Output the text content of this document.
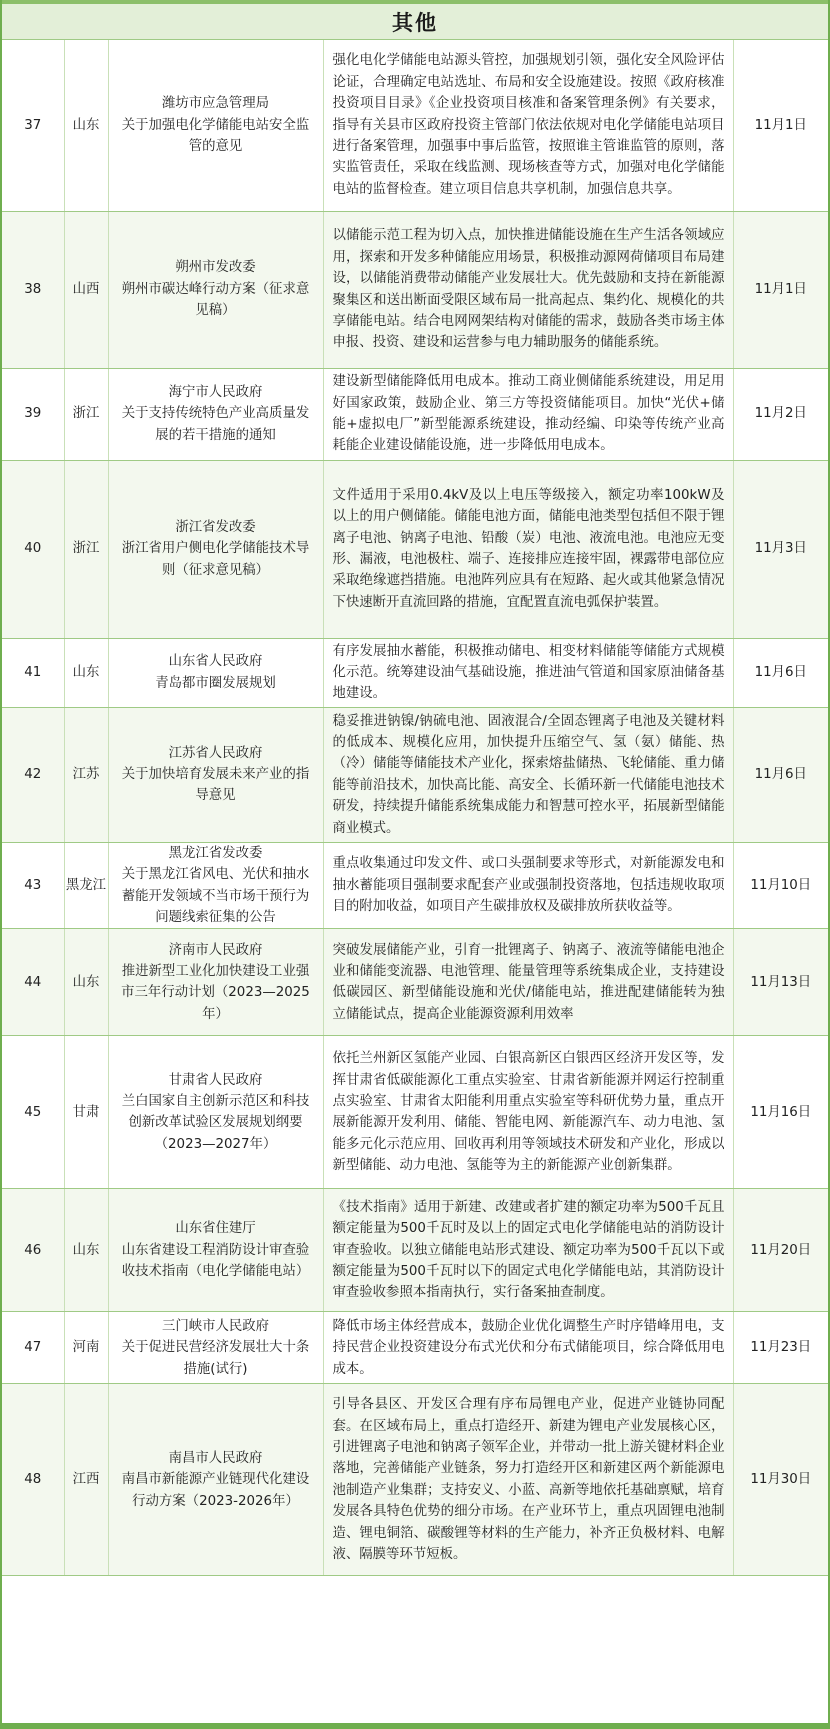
其他
37	山东	潍坊市应急管理局
关于加强电化学储能电站安全监管的意见	强化电化学储能电站源头管控，加强规划引领，强化安全风险评估论证，合理确定电站选址、布局和安全设施建设。按照《政府核准投资项目目录》《企业投资项目核准和备案管理条例》有关要求，指导有关县市区政府投资主管部门依法依规对电化学储能电站项目进行备案管理，加强事中事后监管，按照谁主管谁监管的原则，落实监管责任，采取在线监测、现场核查等方式，加强对电化学储能电站的监督检查。建立项目信息共享机制，加强信息共享。	11月1日
38	山西	朔州市发改委
朔州市碳达峰行动方案（征求意见稿）	以储能示范工程为切入点，加快推进储能设施在生产生活各领域应用，探索和开发多种储能应用场景，积极推动源网荷储项目布局建设，以储能消费带动储能产业发展壮大。优先鼓励和支持在新能源聚集区和送出断面受限区域布局一批高起点、集约化、规模化的共享储能电站。结合电网网架结构对储能的需求，鼓励各类市场主体申报、投资、建设和运营参与电力辅助服务的储能系统。	11月1日
39	浙江	海宁市人民政府
关于支持传统特色产业高质量发展的若干措施的通知	建设新型储能降低用电成本。推动工商业侧储能系统建设，用足用好国家政策，鼓励企业、第三方等投资储能项目。加快“光伏+储能+虚拟电厂”新型能源系统建设，推动经编、印染等传统产业高耗能企业建设储能设施，进一步降低用电成本。	11月2日
40	浙江	浙江省发改委
浙江省用户侧电化学储能技术导则（征求意见稿）	文件适用于采用0.4kV及以上电压等级接入，额定功率100kW及以上的用户侧储能。储能电池方面，储能电池类型包括但不限于锂离子电池、钠离子电池、铅酸（炭）电池、液流电池。电池应无变形、漏液，电池极柱、端子、连接排应连接牢固，裸露带电部位应采取绝缘遮挡措施。电池阵列应具有在短路、起火或其他紧急情况下快速断开直流回路的措施，宜配置直流电弧保护装置。	11月3日
41	山东	山东省人民政府
青岛都市圈发展规划	有序发展抽水蓄能，积极推动储电、相变材料储能等储能方式规模化示范。统筹建设油气基础设施，推进油气管道和国家原油储备基地建设。	11月6日
42	江苏	江苏省人民政府
关于加快培育发展未来产业的指导意见	稳妥推进钠镍/钠硫电池、固液混合/全固态锂离子电池及关键材料的低成本、规模化应用，加快提升压缩空气、氢（氨）储能、热（冷）储能等储能技术产业化，探索熔盐储热、飞轮储能、重力储能等前沿技术，加快高比能、高安全、长循环新一代储能电池技术研发，持续提升储能系统集成能力和智慧可控水平，拓展新型储能商业模式。	11月6日
43	黑龙江	黑龙江省发改委
关于黑龙江省风电、光伏和抽水蓄能开发领域不当市场干预行为问题线索征集的公告	重点收集通过印发文件、或口头强制要求等形式，对新能源发电和抽水蓄能项目强制要求配套产业或强制投资落地，包括违规收取项目的附加收益，如项目产生碳排放权及碳排放所获收益等。	11月10日
44	山东	济南市人民政府
推进新型工业化加快建设工业强市三年行动计划（2023—2025年）	突破发展储能产业，引育一批锂离子、钠离子、液流等储能电池企业和储能变流器、电池管理、能量管理等系统集成企业，支持建设低碳园区、新型储能设施和光伏/储能电站，推进配建储能转为独立储能试点，提高企业能源资源利用效率	11月13日
45	甘肃	甘肃省人民政府
兰白国家自主创新示范区和科技创新改革试验区发展规划纲要（2023—2027年）	依托兰州新区氢能产业园、白银高新区白银西区经济开发区等，发挥甘肃省低碳能源化工重点实验室、甘肃省新能源并网运行控制重点实验室、甘肃省太阳能利用重点实验室等科研优势力量，重点开展新能源开发利用、储能、智能电网、新能源汽车、动力电池、氢能多元化示范应用、回收再利用等领域技术研发和产业化，形成以新型储能、动力电池、氢能等为主的新能源产业创新集群。	11月16日
46	山东	山东省住建厅
山东省建设工程消防设计审查验收技术指南（电化学储能电站）	《技术指南》适用于新建、改建或者扩建的额定功率为500千瓦且额定能量为500千瓦时及以上的固定式电化学储能电站的消防设计审查验收。以独立储能电站形式建设、额定功率为500千瓦以下或额定能量为500千瓦时以下的固定式电化学储能电站，其消防设计审查验收参照本指南执行，实行备案抽查制度。	11月20日
47	河南	三门峡市人民政府
关于促进民营经济发展壮大十条措施(试行)	降低市场主体经营成本，鼓励企业优化调整生产时序错峰用电，支持民营企业投资建设分布式光伏和分布式储能项目，综合降低用电成本。	11月23日
48	江西	南昌市人民政府
南昌市新能源产业链现代化建设行动方案（2023-2026年）	引导各县区、开发区合理有序布局锂电产业，促进产业链协同配套。在区域布局上，重点打造经开、新建为锂电产业发展核心区，引进锂离子电池和钠离子领军企业，并带动一批上游关键材料企业落地，完善储能产业链条，努力打造经开区和新建区两个新能源电池制造产业集群；支持安义、小蓝、高新等地依托基础禀赋，培育发展各具特色优势的细分市场。在产业环节上，重点巩固锂电池制造、锂电铜箔、碳酸锂等材料的生产能力，补齐正负极材料、电解液、隔膜等环节短板。	11月30日
